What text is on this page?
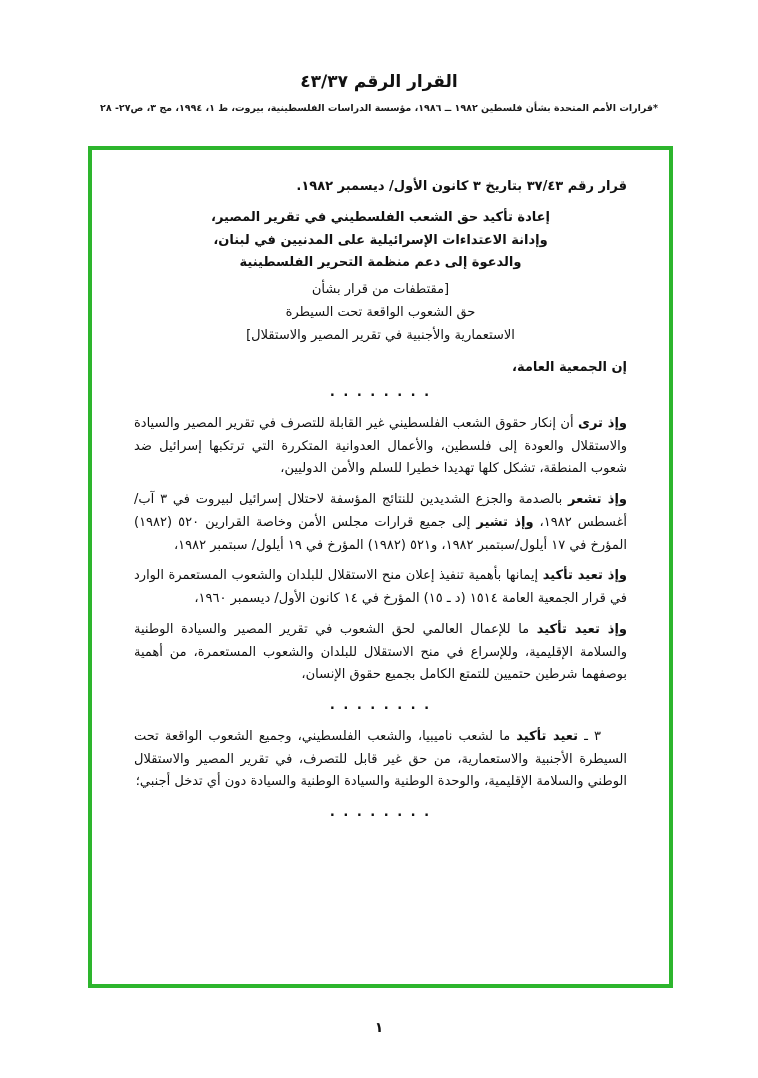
القرار الرقم ٤٣/٣٧
*قرارات الأمم المتحدة بشأن فلسطين ١٩٨٢ ــ ١٩٨٦، مؤسسة الدراسات الفلسطينية، بيروت، ط ١، ١٩٩٤، مج ٣، ص٢٧- ٢٨

قرار رقم ٣٧/٤٣ بتاريخ ٣ كانون الأول/ ديسمبر ١٩٨٢.

إعادة تأكيد حق الشعب الفلسطيني في تقرير المصير،
وإدانة الاعتداءات الإسرائيلية على المدنيين في لبنان،
والدعوة إلى دعم منظمة التحرير الفلسطينية
[مقتطفات من قرار بشأن
حق الشعوب الواقعة تحت السيطرة
الاستعمارية والأجنبية في تقرير المصير والاستقلال]

إن الجمعية العامة،

. . . . . . . .

وإذ ترى أن إنكار حقوق الشعب الفلسطيني غير القابلة للتصرف في تقرير المصير والسيادة والاستقلال والعودة إلى فلسطين، والأعمال العدوانية المتكررة التي ترتكبها إسرائيل ضد شعوب المنطقة، تشكل كلها تهديدا خطيرا للسلم والأمن الدوليين،

وإذ تشعر بالصدمة والجزع الشديدين للنتائج المؤسفة لاحتلال إسرائيل لبيروت في ٣ آب/أغسطس ١٩٨٢، وإذ تشير إلى جميع قرارات مجلس الأمن وخاصة القرارين ٥٢٠ (١٩٨٢) المؤرخ في ١٧ أيلول/سبتمبر ١٩٨٢، و٥٢١ (١٩٨٢) المؤرخ في ١٩ أيلول/ سبتمبر ١٩٨٢،

وإذ تعيد تأكيد إيمانها بأهمية تنفيذ إعلان منح الاستقلال للبلدان والشعوب المستعمرة الوارد في قرار الجمعية العامة ١٥١٤ (د ـ ١٥) المؤرخ في ١٤ كانون الأول/ ديسمبر ١٩٦٠،

وإذ تعيد تأكيد ما للإعمال العالمي لحق الشعوب في تقرير المصير والسيادة الوطنية والسلامة الإقليمية، وللإسراع في منح الاستقلال للبلدان والشعوب المستعمرة، من أهمية بوصفهما شرطين حتميين للتمتع الكامل بجميع حقوق الإنسان،

. . . . . . . .

٣ ـ تعيد تأكيد ما لشعب ناميبيا، والشعب الفلسطيني، وجميع الشعوب الواقعة تحت السيطرة الأجنبية والاستعمارية، من حق غير قابل للتصرف، في تقرير المصير والاستقلال الوطني والسلامة الإقليمية، والوحدة الوطنية والسيادة الوطنية والسيادة دون أي تدخل أجنبي؛

. . . . . . . .
١
